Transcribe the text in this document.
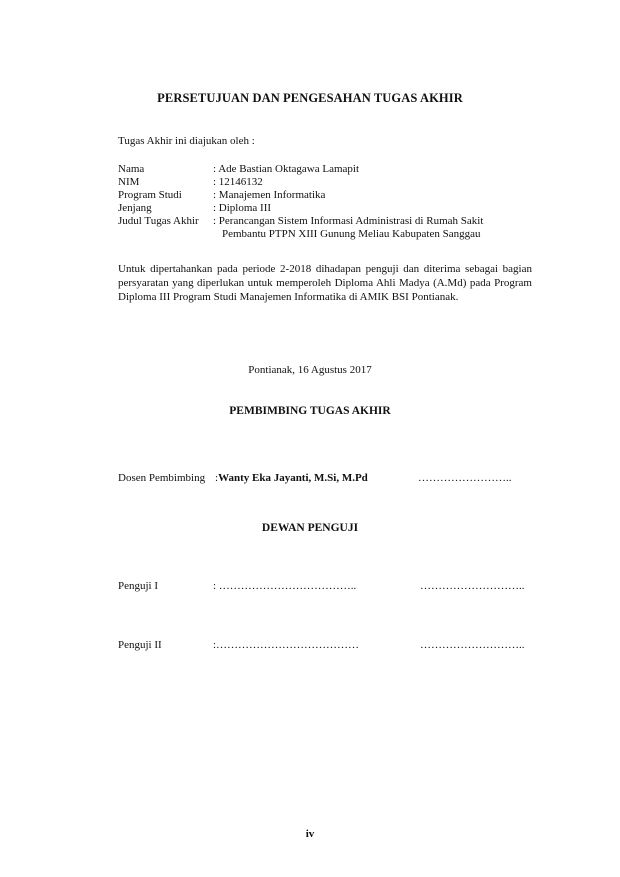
PERSETUJUAN DAN PENGESAHAN TUGAS AKHIR
Tugas Akhir ini diajukan oleh :
Nama	: Ade Bastian Oktagawa Lamapit
NIM	: 12146132
Program Studi	: Manajemen Informatika
Jenjang	: Diploma III
Judul Tugas Akhir	: Perancangan Sistem Informasi Administrasi di Rumah Sakit
Pembantu PTPN XIII Gunung Meliau Kabupaten Sanggau
Untuk dipertahankan pada periode 2-2018 dihadapan penguji dan diterima sebagai bagian persyaratan yang diperlukan untuk memperoleh Diploma Ahli Madya (A.Md) pada Program Diploma III Program Studi Manajemen Informatika di AMIK BSI Pontianak.
Pontianak, 16 Agustus 2017
PEMBIMBING TUGAS AKHIR
Dosen Pembimbing :Wanty Eka Jayanti, M.Si, M.Pd	……………………..
DEWAN PENGUJI
Penguji I	: ………………………………..	………………………..
Penguji II	:…………………………………	………………………..
iv
